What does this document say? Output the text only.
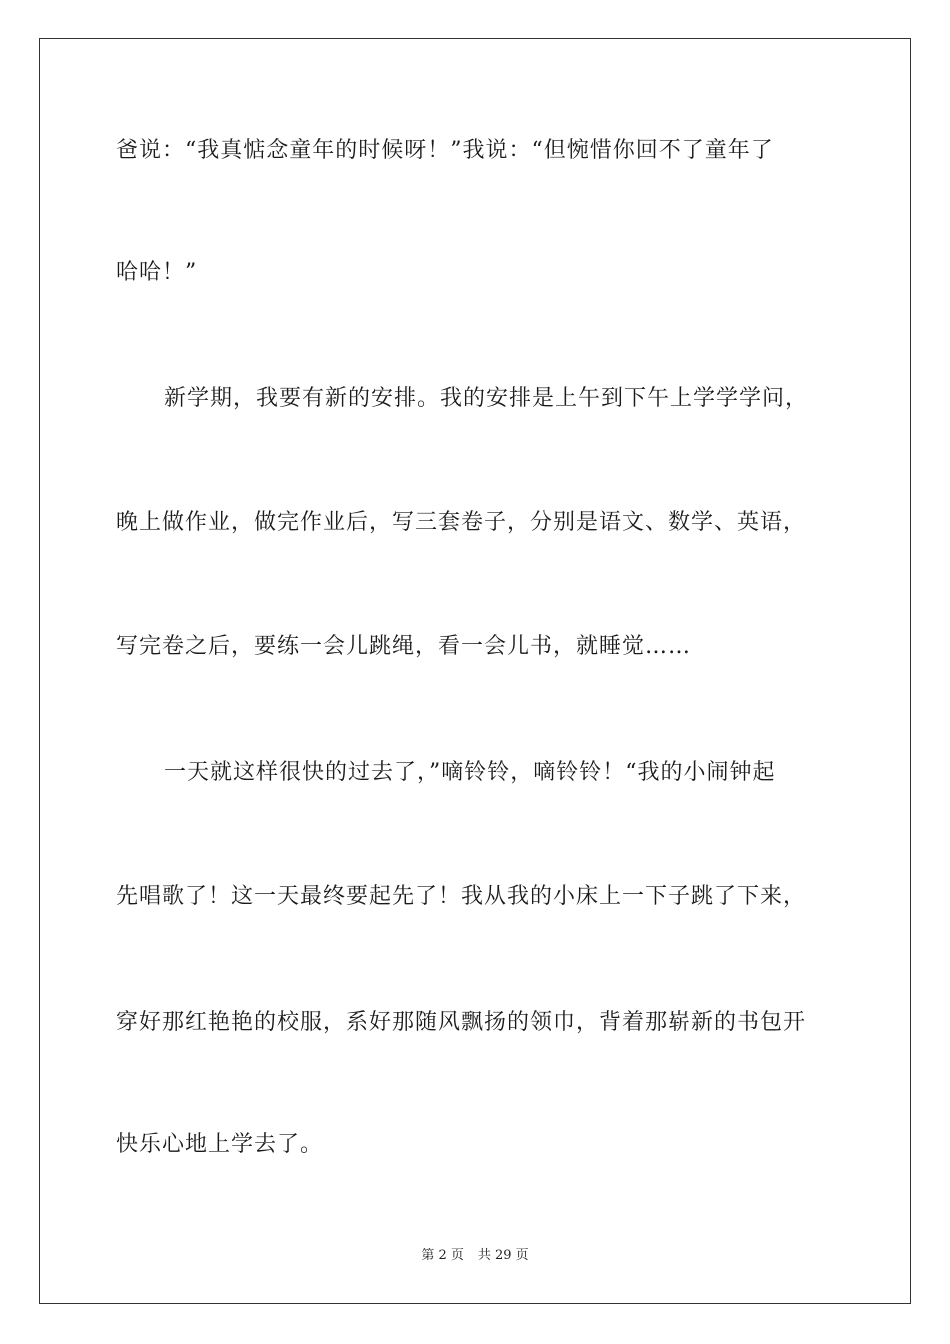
爸说：“我真惦念童年的时候呀！”我说：“但惋惜你回不了童年了
哈哈！”
新学期，我要有新的安排。我的安排是上午到下午上学学学问，
晚上做作业，做完作业后，写三套卷子，分别是语文、数学、英语，
写完卷之后，要练一会儿跳绳，看一会儿书，就睡觉……
一天就这样很快的过去了，”嘀铃铃，嘀铃铃！“我的小闹钟起
先唱歌了！这一天最终要起先了！我从我的小床上一下子跳了下来，
穿好那红艳艳的校服，系好那随风飘扬的领巾，背着那崭新的书包开
快乐心地上学去了。
第 2 页 共 29 页
